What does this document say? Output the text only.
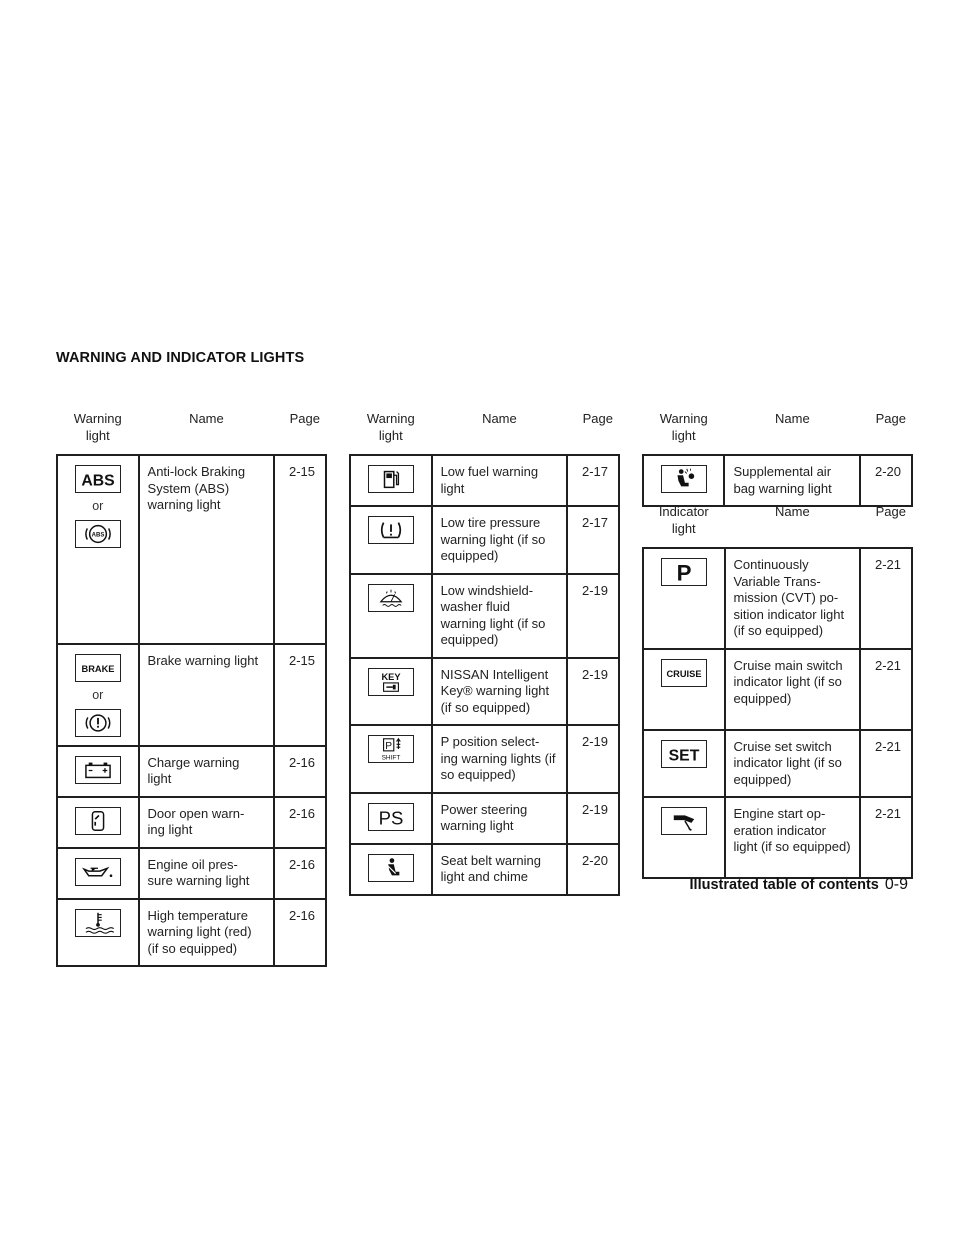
WARNING AND INDICATOR LIGHTS
Warning light	Name	Page

ABS
or
ABS	Anti-lock Braking System (ABS) warning light	2-15

BRAKE
or	Brake warning light	2-15

	Charge warning light	2-16

	Door open warn- ing light	2-16

	Engine oil pres- sure warning light	2-16

	High temperature warning light (red) (if so equipped)	2-16
Warning light	Name	Page

	Low fuel warning light	2-17

	Low tire pressure warning light (if so equipped)	2-17

	Low windshield- washer fluid warning light (if so equipped)	2-19

KEY	NISSAN Intelligent Key® warning light (if so equipped)	2-19

P
SHIFT	P position select- ing warning lights (if so equipped)	2-19

PS	Power steering warning light	2-19

	Seat belt warning light and chime	2-20
Warning light	Name	Page

	Supplemental air bag warning light	2-20
Indicator light	Name	Page

P	Continuously Variable Trans- mission (CVT) po- sition indicator light (if so equipped)	2-21

CRUISE	Cruise main switch indicator light (if so equipped)	2-21

SET	Cruise set switch indicator light (if so equipped)	2-21

	Engine start op- eration indicator light (if so equipped)	2-21
Illustrated table of contents 0-9
